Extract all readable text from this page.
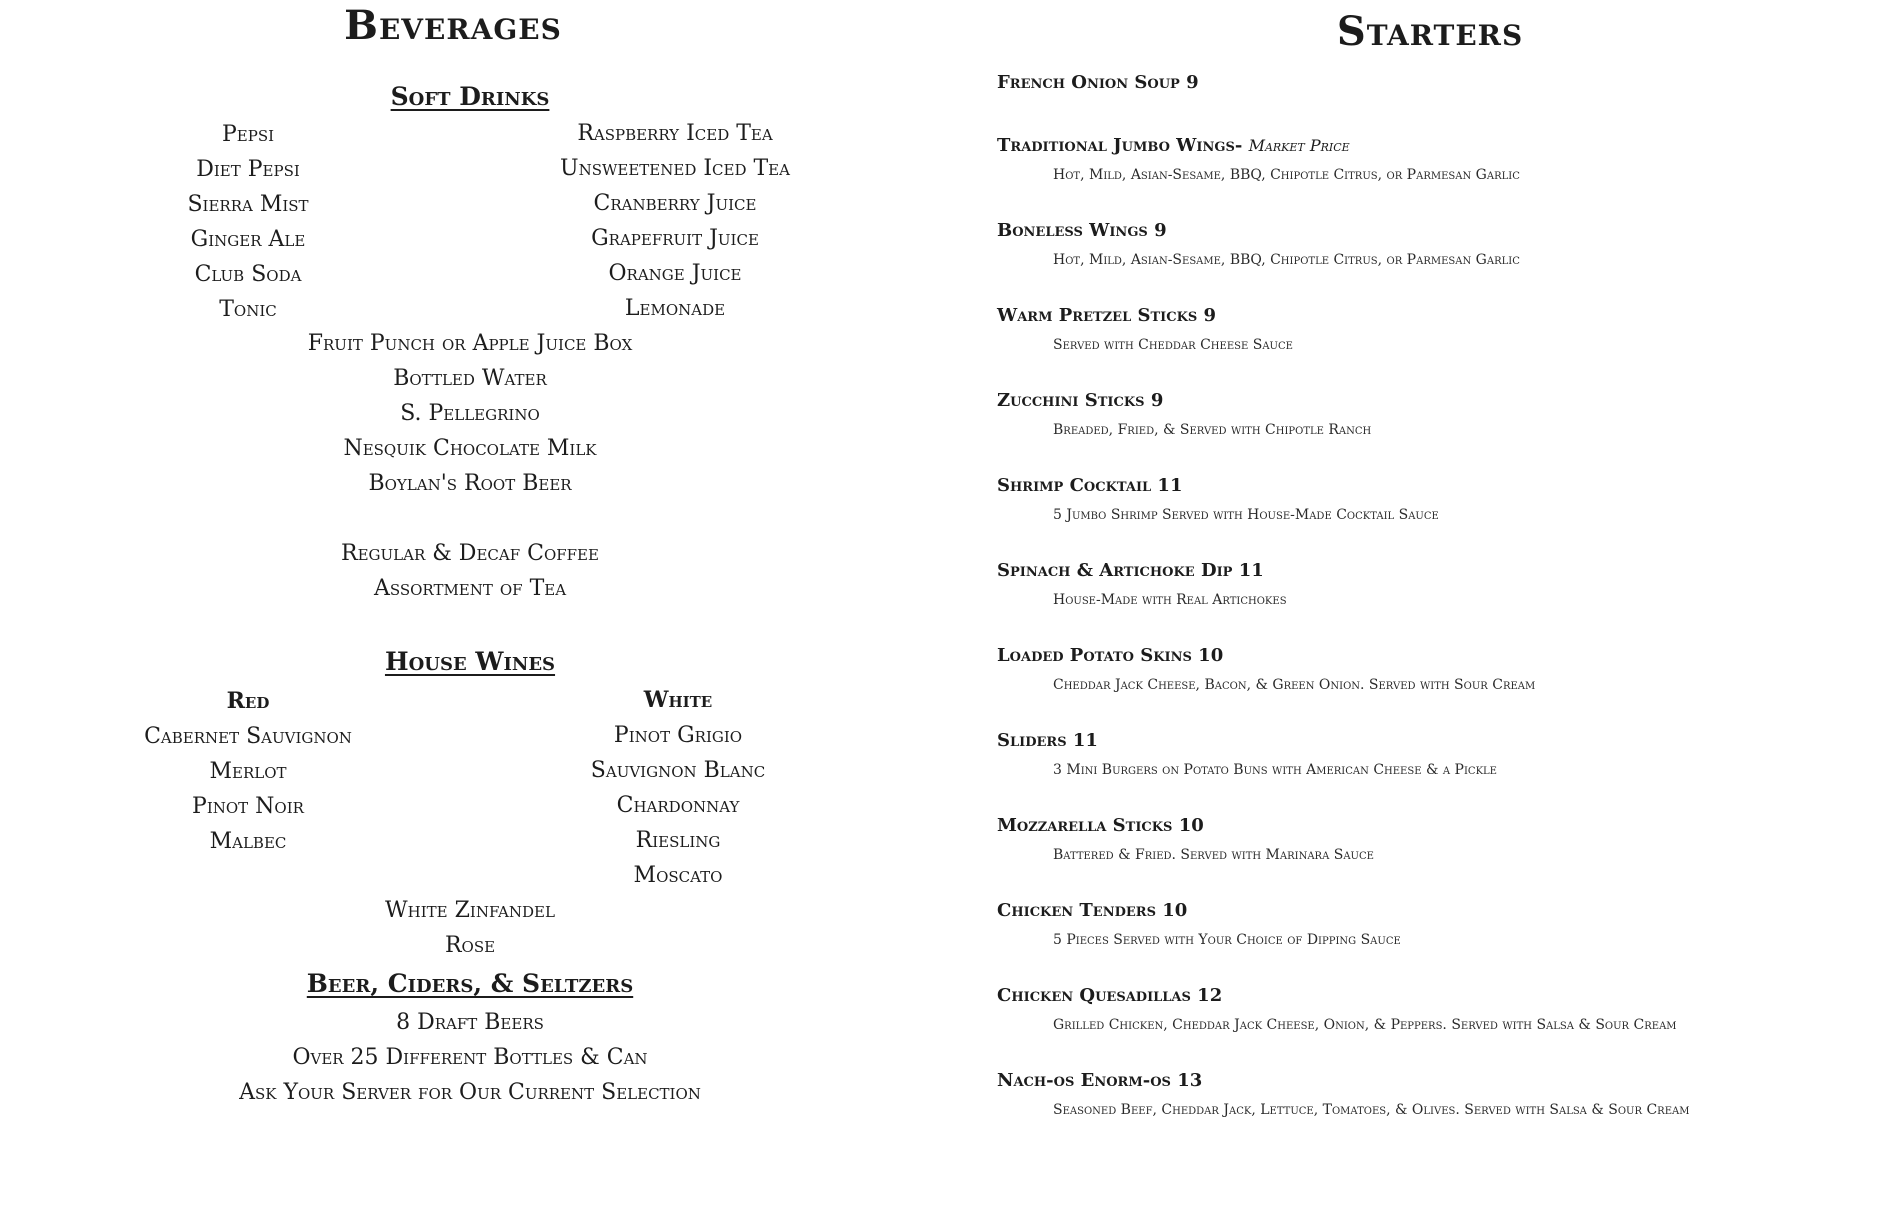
Beverages
Soft Drinks
Pepsi
Diet Pepsi
Sierra Mist
Ginger Ale
Club Soda
Tonic
Raspberry Iced Tea
Unsweetened Iced Tea
Cranberry Juice
Grapefruit Juice
Orange Juice
Lemonade
Fruit Punch or Apple Juice Box
Bottled Water
S. Pellegrino
Nesquik Chocolate Milk
Boylan's Root Beer
Regular & Decaf Coffee
Assortment of Tea
House Wines
Red
Cabernet Sauvignon
Merlot
Pinot Noir
Malbec
White
Pinot Grigio
Sauvignon Blanc
Chardonnay
Riesling
Moscato
White Zinfandel
Rose
Beer, Ciders, & Seltzers
8 Draft Beers
Over 25 Different Bottles & Can
Ask Your Server for Our Current Selection
Starters
French Onion Soup 9
Traditional Jumbo Wings- Market Price
Hot, Mild, Asian-Sesame, BBQ, Chipotle Citrus, or Parmesan Garlic
Boneless Wings 9
Hot, Mild, Asian-Sesame, BBQ, Chipotle Citrus, or Parmesan Garlic
Warm Pretzel Sticks 9
Served with Cheddar Cheese Sauce
Zucchini Sticks 9
Breaded, Fried, & Served with Chipotle Ranch
Shrimp Cocktail 11
5 Jumbo Shrimp Served with House-Made Cocktail Sauce
Spinach & Artichoke Dip 11
House-Made with Real Artichokes
Loaded Potato Skins 10
Cheddar Jack Cheese, Bacon, & Green Onion. Served with Sour Cream
Sliders 11
3 Mini Burgers on Potato Buns with American Cheese & a Pickle
Mozzarella Sticks 10
Battered & Fried. Served with Marinara Sauce
Chicken Tenders 10
5 Pieces Served with Your Choice of Dipping Sauce
Chicken Quesadillas 12
Grilled Chicken, Cheddar Jack Cheese, Onion, & Peppers. Served with Salsa & Sour Cream
Nach-os Enorm-os 13
Seasoned Beef, Cheddar Jack, Lettuce, Tomatoes, & Olives. Served with Salsa & Sour Cream
